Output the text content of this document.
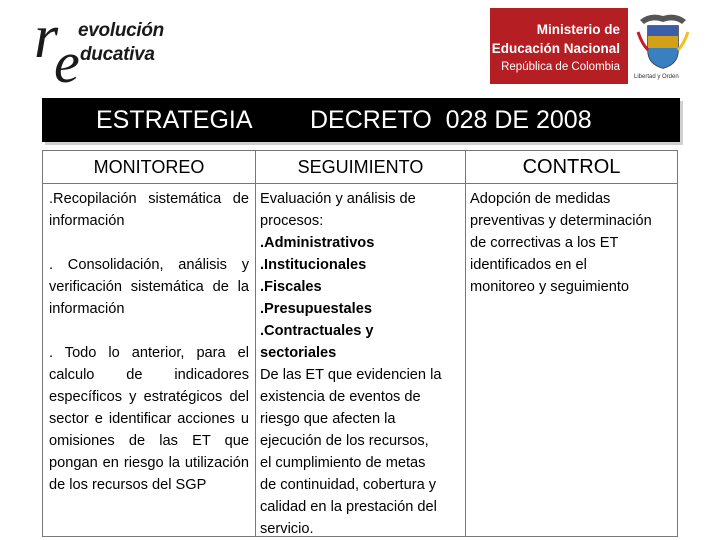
r
e
evolución
ducativa
Ministerio de
Educación Nacional
República de Colombia
Libertad y Orden
ESTRATEGIA DECRETO  028 DE 2008
MONITOREO

.Recopilación sistemática de información

. Consolidación, análisis y verificación sistemática de la información

. Todo lo anterior, para el calculo de indicadores específicos y estratégicos del sector e identificar acciones u omisiones de las ET que pongan en riesgo la utilización de los recursos del SGP

SEGUIMIENTO
Evaluación y análisis de
procesos:
.Administrativos
.Institucionales
.Fiscales
.Presupuestales
.Contractuales y
sectoriales
De las ET que evidencien la
existencia de eventos de
riesgo que afecten la
ejecución de los recursos,
el cumplimiento de metas
de continuidad, cobertura y
calidad en la prestación del
servicio.
CONTROL
Adopción de medidas
preventivas y determinación
de correctivas a los ET
identificados en el
monitoreo y seguimiento
